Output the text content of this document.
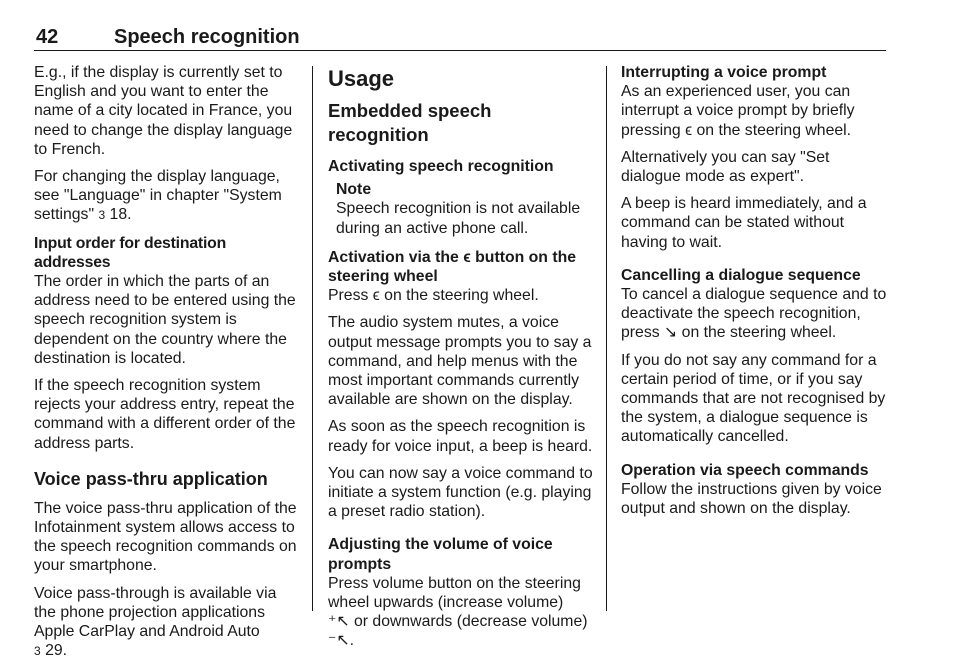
42	Speech recognition

E.g., if the display is currently set to English and you want to enter the name of a city located in France, you need to change the display language to French.

For changing the display language, see "Language" in chapter "System settings" 3 18.

Input order for destination addresses

The order in which the parts of an address need to be entered using the speech recognition system is dependent on the country where the destination is located.

If the speech recognition system rejects your address entry, repeat the command with a different order of the address parts.

Voice pass-thru application

The voice pass-thru application of the Infotainment system allows access to the speech recognition commands on your smartphone.

Voice pass-through is available via the phone projection applications Apple CarPlay and Android Auto
3 29.

Usage
Embedded speech recognition
Activating speech recognition
Note
Speech recognition is not available during an active phone call.
Activation via the ϵ button on the steering wheel

Press ϵ on the steering wheel.

The audio system mutes, a voice output message prompts you to say a command, and help menus with the most important commands currently available are shown on the display.

As soon as the speech recognition is ready for voice input, a beep is heard.

You can now say a voice command to initiate a system function (e.g. playing a preset radio station).

Adjusting the volume of voice prompts

Press volume button on the steering wheel upwards (increase volume)
⁺↖ or downwards (decrease volume)
⁻↖.

Interrupting a voice prompt

As an experienced user, you can interrupt a voice prompt by briefly pressing ϵ on the steering wheel.

Alternatively you can say "Set dialogue mode as expert".

A beep is heard immediately, and a command can be stated without having to wait.

Cancelling a dialogue sequence

To cancel a dialogue sequence and to deactivate the speech recognition, press ↘ on the steering wheel.

If you do not say any command for a certain period of time, or if you say commands that are not recognised by the system, a dialogue sequence is automatically cancelled.

Operation via speech commands

Follow the instructions given by voice output and shown on the display.
